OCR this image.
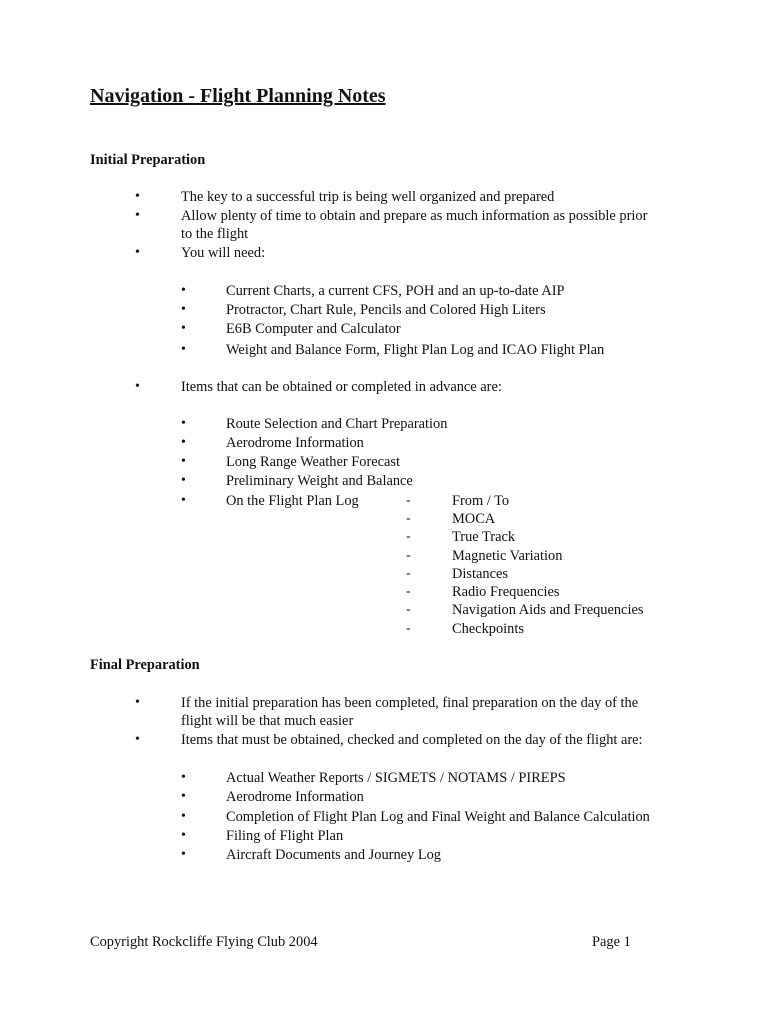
Navigation - Flight Planning Notes
Initial Preparation
•	The key to a successful trip is being well organized and prepared
•	Allow plenty of time to obtain and prepare as much information as possible prior
to the flight
•	You will need:
•	Current Charts, a current CFS, POH and an up-to-date AIP
•	Protractor, Chart Rule, Pencils and Colored High Liters
•	E6B Computer and Calculator
•	Weight and Balance Form, Flight Plan Log and ICAO Flight Plan
•	Items that can be obtained or completed in advance are:
•	Route Selection and Chart Preparation
•	Aerodrome Information
•	Long Range Weather Forecast
•	Preliminary Weight and Balance
•	On the Flight Plan Log	-	From / To
-	MOCA
-	True Track
-	Magnetic Variation
-	Distances
-	Radio Frequencies
-	Navigation Aids and Frequencies
-	Checkpoints
Final Preparation
•	If the initial preparation has been completed, final preparation on the day of the
flight will be that much easier
•	Items that must be obtained, checked and completed on the day of the flight are:
•	Actual Weather Reports / SIGMETS / NOTAMS / PIREPS
•	Aerodrome Information
•	Completion of Flight Plan Log and Final Weight and Balance Calculation
•	Filing of Flight Plan
•	Aircraft Documents and Journey Log
Copyright Rockcliffe Flying Club 2004	Page 1
